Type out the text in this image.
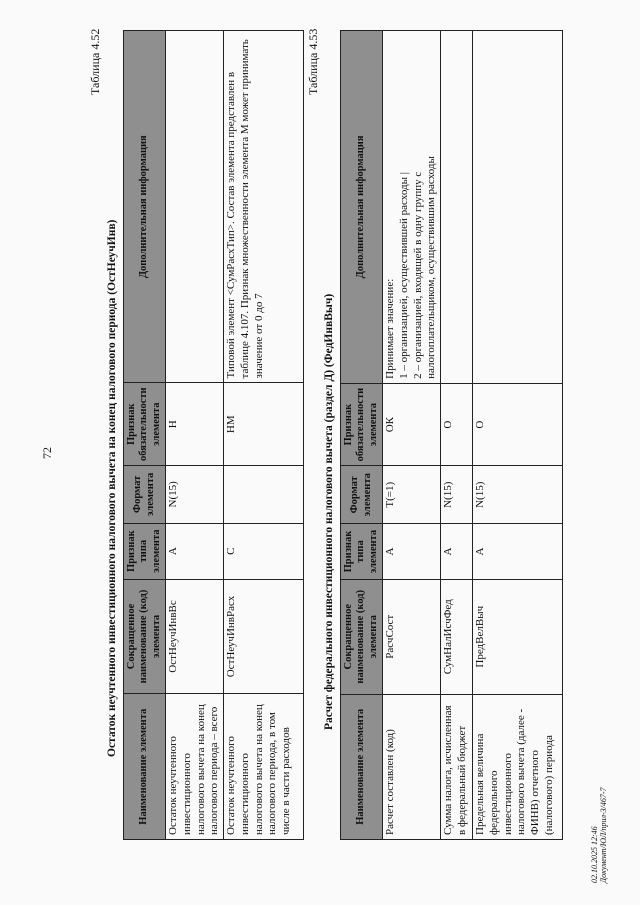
72
Таблица 4.52
Остаток неучтенного инвестиционного налогового вычета на конец налогового периода (ОстНеучИнв)
Наименование элемента	Сокращенное наименование (код) элемента	Признак типа элемента	Формат элемента	Признак обязательности элемента	Дополнительная информация
Остаток неучтенного инвестиционного налогового вычета на конец налогового периода – всего	ОстНеучИнвВс	А	N(15)	Н	
Остаток неучтенного инвестиционного налогового вычета на конец налогового периода, в том числе в части расходов	ОстНеучИнвРасх	С		НМ	Типовой элемент <СумРасхТип>. Состав элемента представлен в таблице 4.107. Признак множественности элемента М может принимать значение от 0 до 7
Таблица 4.53
Расчет федерального инвестиционного налогового вычета (раздел Д) (ФедИнвВыч)
Наименование элемента	Сокращенное наименование (код) элемента	Признак типа элемента	Формат элемента	Признак обязательности элемента	Дополнительная информация
Расчет составлен (код)	РасчСост	А	T(=1)	ОК	Принимает значение: 1 – организацией, осуществившей расходы | 2 – организацией, входящей в одну группу с налогоплательщиком, осуществившим расходы

Сумма налога, исчисленная в федеральный бюджет	СумНалИсчФед	А	N(15)	О	
Предельная величина федерального инвестиционного налогового вычета (далее - ФИНВ) отчетного (налогового) периода	ПредВелВыч	А	N(15)	О	
02.10.2025 12:46 Документ/ЮЛ/прил-3/467-7
